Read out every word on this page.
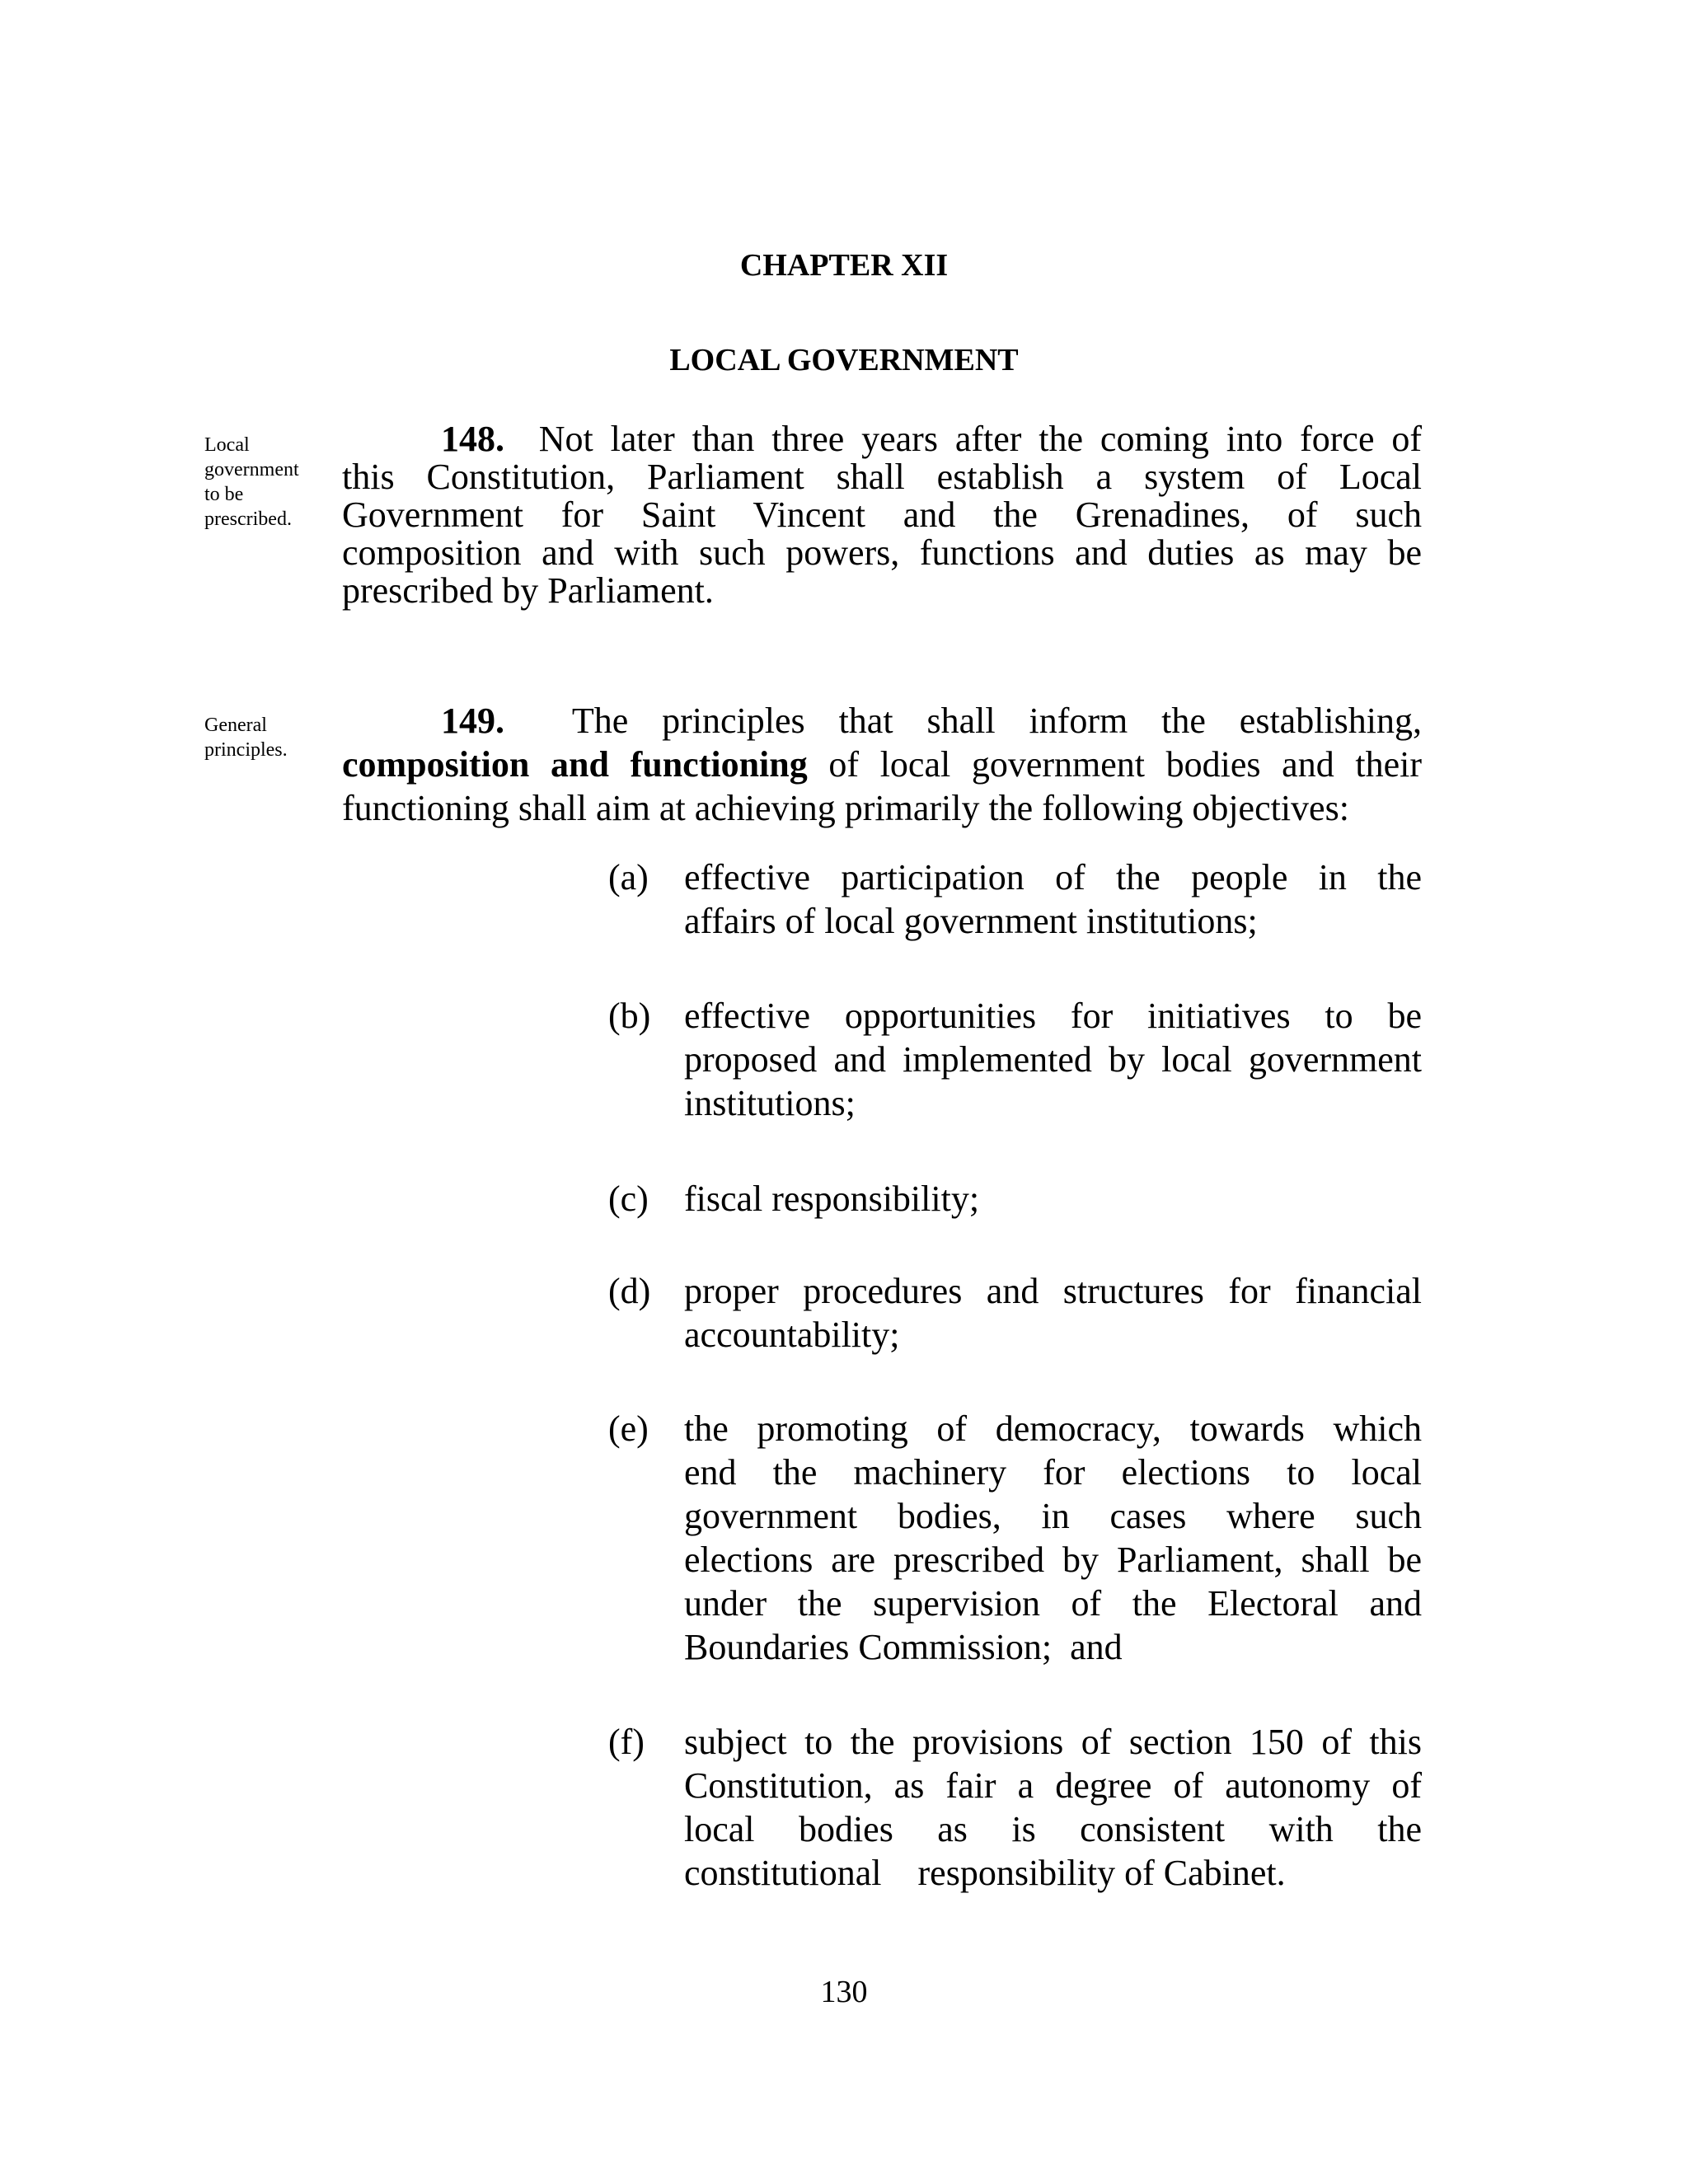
CHAPTER XII
LOCAL GOVERNMENT
Local
government
to be
prescribed.
148. Not later than three years after the coming into force of
this Constitution, Parliament shall establish a system of Local
Government for Saint Vincent and the Grenadines, of such
composition and with such powers, functions and duties as may be
prescribed by Parliament.
General
principles.
149. The principles that shall inform the establishing,
composition and functioning of local government bodies and their
functioning shall aim at achieving primarily the following objectives:
(a) effective participation of the people in the
affairs of local government institutions;
(b) effective opportunities for initiatives to be
proposed and implemented by local government
institutions;
(c) fiscal responsibility;
(d) proper procedures and structures for financial
accountability;
(e) the promoting of democracy, towards which
end the machinery for elections to local
government bodies, in cases where such
elections are prescribed by Parliament, shall be
under the supervision of the Electoral and
Boundaries Commission;  and
(f)	subject to the provisions of section 150 of this
Constitution, as fair a degree of autonomy of
local bodies as is consistent with the
constitutional    responsibility of Cabinet.
130
